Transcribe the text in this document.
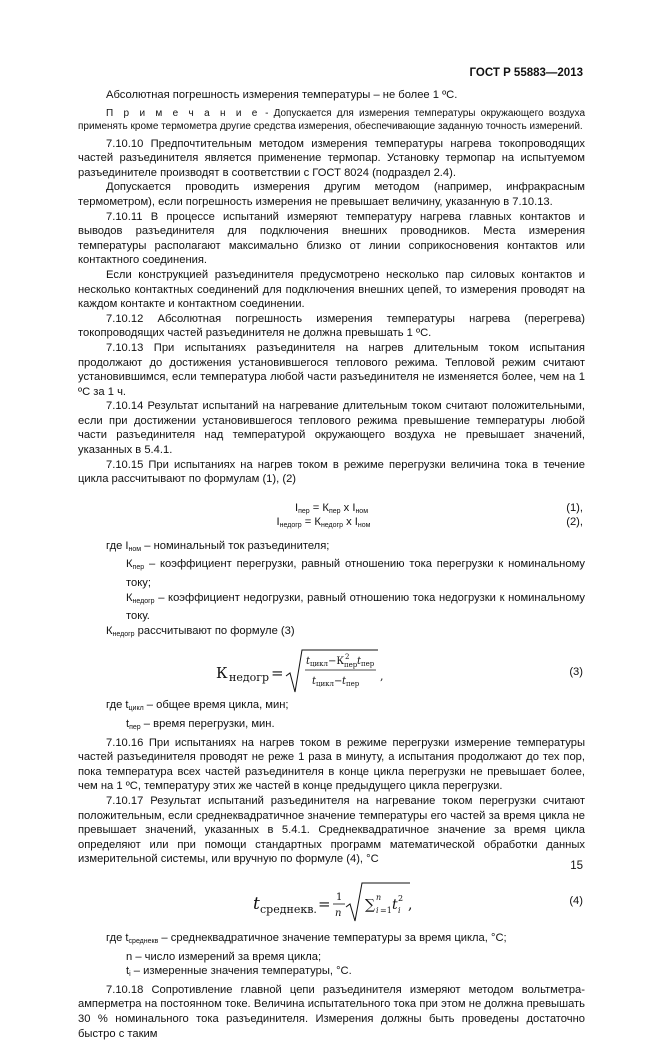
ГОСТ Р 55883—2013

Абсолютная погрешность измерения температуры – не более 1 ºС.

П р и м е ч а н и е - Допускается для измерения температуры окружающего воздуха применять кроме термометра другие средства измерения, обеспечивающие заданную точность измерений.

7.10.10 Предпочтительным методом измерения температуры нагрева токопроводящих частей разъединителя является применение термопар. Установку термопар на испытуемом разъединителе производят в соответствии с ГОСТ 8024 (подраздел 2.4).

Допускается проводить измерения другим методом (например, инфракрасным термометром), если погрешность измерения не превышает величину, указанную в 7.10.13.

7.10.11 В процессе испытаний измеряют температуру нагрева главных контактов и выводов разъединителя для подключения внешних проводников. Места измерения температуры располагают максимально близко от линии соприкосновения контактов или контактного соединения.

Если конструкцией разъединителя предусмотрено несколько пар силовых контактов и несколько контактных соединений для подключения внешних цепей, то измерения проводят на каждом контакте и контактном соединении.

7.10.12 Абсолютная погрешность измерения температуры нагрева (перегрева) токопроводящих частей разъединителя не должна превышать 1 ºС.

7.10.13 При испытаниях разъединителя на нагрев длительным током испытания продолжают до достижения установившегося теплового режима. Тепловой режим считают установившимся, если температура любой части разъединителя не изменяется более, чем на 1 ºС за 1 ч.

7.10.14 Результат испытаний на нагревание длительным током считают положительными, если при достижении установившегося теплового режима превышение температуры любой части разъединителя над температурой окружающего воздуха не превышает значений, указанных в 5.4.1.

7.10.15 При испытаниях на нагрев током в режиме перегрузки величина тока в течение цикла рассчитывают по формулам (1), (2)

$I_{пер} = К_{пер}$ х $I_{ном}$	(1),
$I_{недогр} = К_{недогр}$ х $I_{ном}$	(2),

где $I_{ном}$ – номинальный ток разъединителя;

$К_{пер}$ – коэффициент перегрузки, равный отношению тока перегрузки к номинальному току;

$К_{недогр}$ – коэффициент недогрузки, равный отношению тока недогрузки к номинальному току.

$К_{недогр}$ рассчитывают по формуле (3)

К недогр =
t цикл −К 2
пер t пер
t цикл − t пер
,	(3)

где $t_{цикл}$ – общее время цикла, мин;

$t_{пер}$ – время перегрузки, мин.

7.10.16 При испытаниях на нагрев током в режиме перегрузки измерение температуры частей разъединителя проводят не реже 1 раза в минуту, а испытания продолжают до тех пор, пока температура всех частей разъединителя в конце цикла перегрузки не превышает более, чем на 1 ºС, температуру этих же частей в конце предыдущего цикла перегрузки.

7.10.17 Результат испытаний разъединителя на нагревание током перегрузки считают положительным, если среднеквадратичное значение температуры его частей за время цикла не превышает значений, указанных в 5.4.1. Среднеквадратичное значение за время цикла определяют или при помощи стандартных программ математической обработки данных измерительной системы, или вручную по формуле (4), °С

t среднекв. = 1
n
∑ n
i =1 t 2
i ,	(4)

где $t_{среднекв}$ – среднеквадратичное значение температуры за время цикла, °С;

n – число измерений за время цикла;

$t_i$ – измеренные значения температуры, °С.

7.10.18 Сопротивление главной цепи разъединителя измеряют методом вольтметра-амперметра на постоянном токе. Величина испытательного тока при этом не должна превышать 30 % номинального тока разъединителя. Измерения должны быть проведены достаточно быстро с таким

15
